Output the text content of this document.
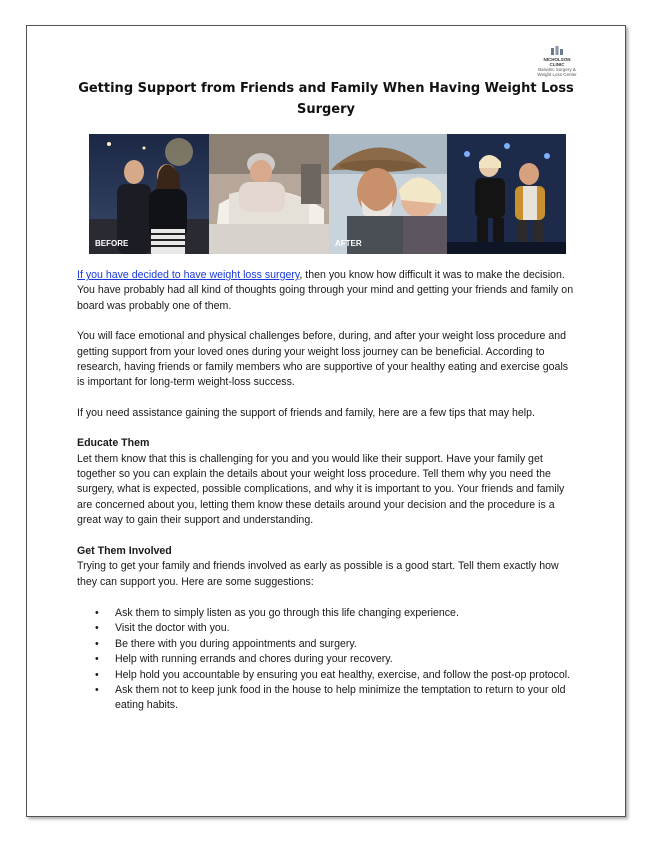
NICHOLSON CLINIC
Bariatric Surgery & Weight Loss Center
Getting Support from Friends and Family When Having Weight Loss Surgery
BEFORE	AFTER

If you have decided to have weight loss surgery, then you know how difficult it was to make the decision. You have probably had all kind of thoughts going through your mind and getting your friends and family on board was probably one of them.

You will face emotional and physical challenges before, during, and after your weight loss procedure and getting support from your loved ones during your weight loss journey can be beneficial. According to research, having friends or family members who are supportive of your healthy eating and exercise goals is important for long-term weight-loss success.

If you need assistance gaining the support of friends and family, here are a few tips that may help.

Educate Them

Let them know that this is challenging for you and you would like their support. Have your family get together so you can explain the details about your weight loss procedure. Tell them why you need the surgery, what is expected, possible complications, and why it is important to you. Your friends and family are concerned about you, letting them know these details around your decision and the procedure is a great way to gain their support and understanding.

Get Them Involved
Trying to get your family and friends involved as early as possible is a good start. Tell them exactly how they can support you. Here are some suggestions:
• Ask them to simply listen as you go through this life changing experience.
• Visit the doctor with you.
• Be there with you during appointments and surgery.
• Help with running errands and chores during your recovery.
• Help hold you accountable by ensuring you eat healthy, exercise, and follow the post-op protocol.
• Ask them not to keep junk food in the house to help minimize the temptation to return to your old eating habits.
